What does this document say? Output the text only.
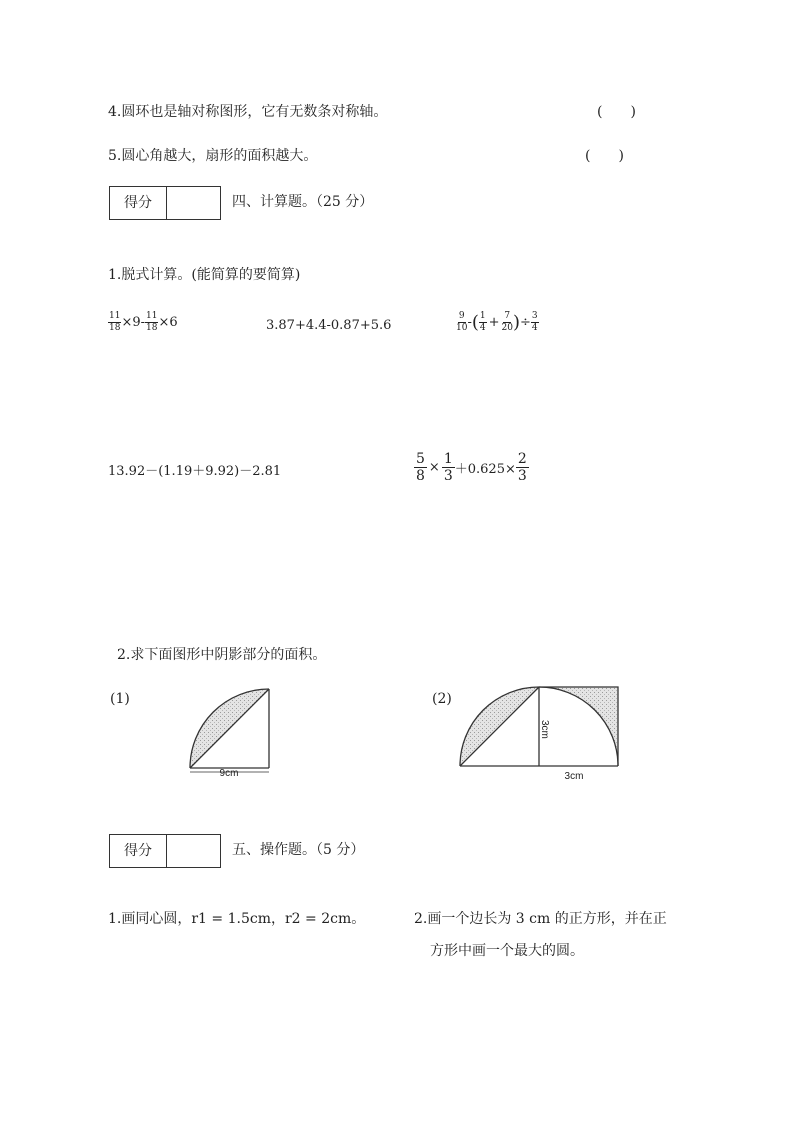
4.圆环也是轴对称图形，它有无数条对称轴。	(　　)
5.圆心角越大，扇形的面积越大。	(　　)
得分	四、计算题。（25 分）
1.脱式计算。(能简算的要简算)
$\frac{11}{18} \times 9- \frac{11}{18} \times 6$	3.87+4.4-0.87+5.6	$\frac{9}{10}$ - ( $\frac{1}{4} + \frac{7}{20}$ ) ÷ $\frac{3}{4}$
13.92－(1.19＋9.92)－2.81	$\frac{5}{8} \times \frac{1}{3} +0.625\times \frac{2}{3}$
2.求下面图形中阴影部分的面积。
(1)
9cm
(2)
3cm
3cm
得分	五、操作题。（5 分）
1.画同心圆，r1 = 1.5cm，r2 = 2cm。	2.画一个边长为 3 cm 的正方形，并在正
方形中画一个最大的圆。
